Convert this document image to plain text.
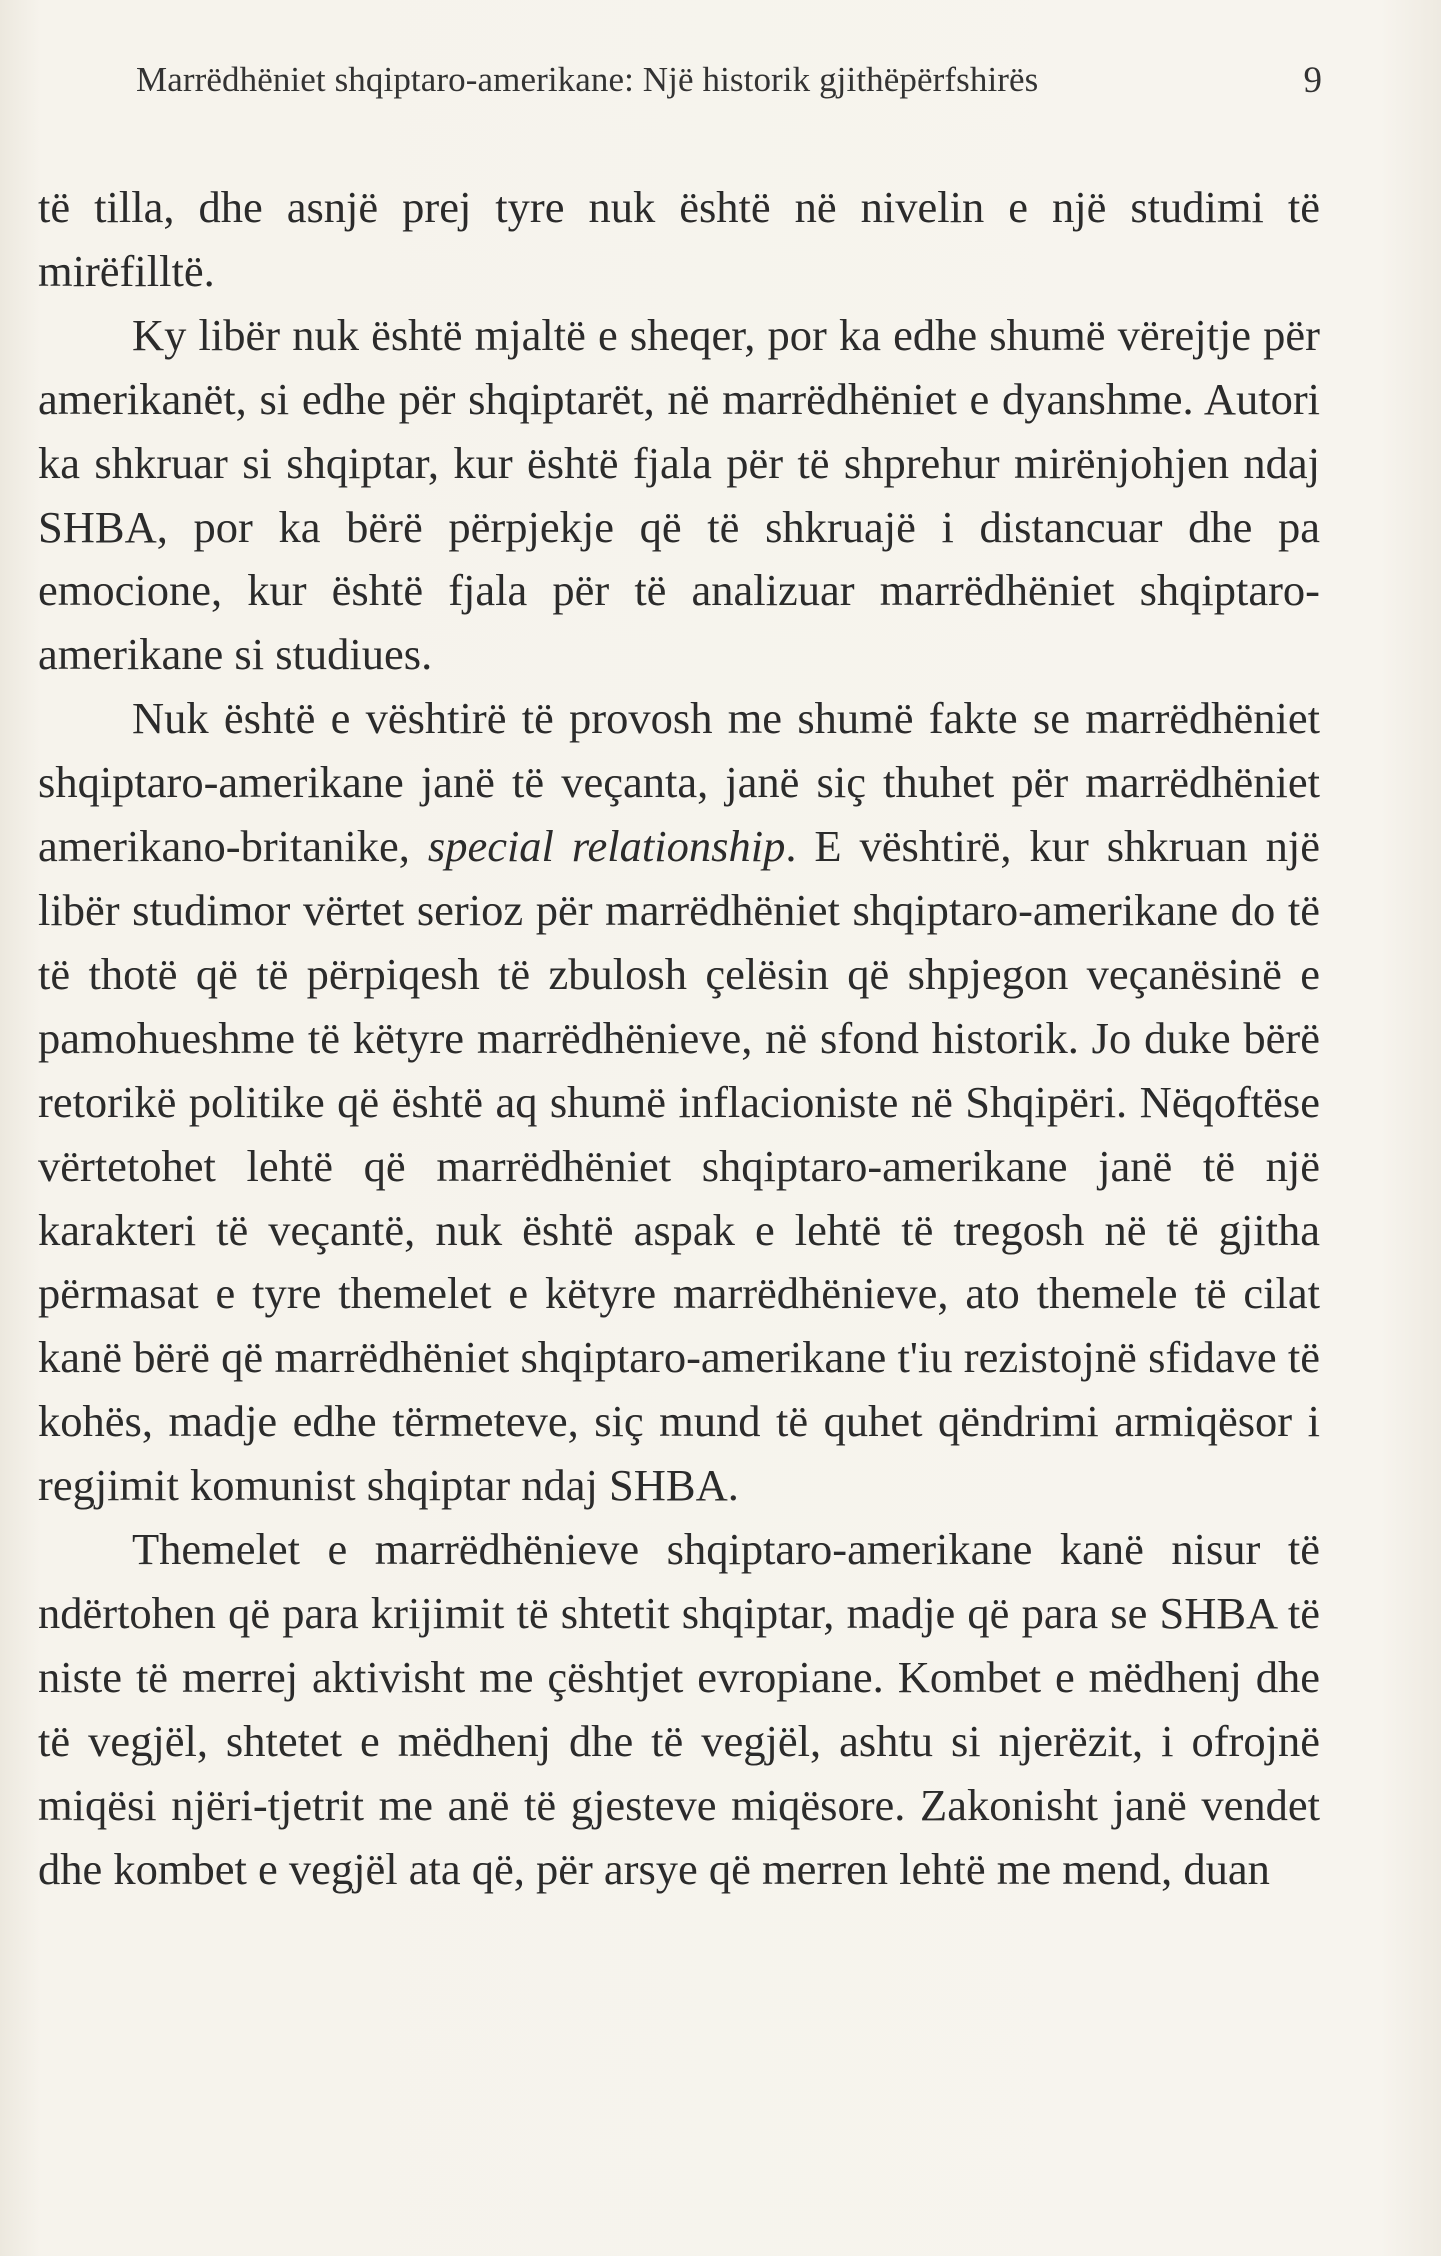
Marrëdhëniet shqiptaro-amerikane: Një historik gjithëpërfshirës	9

të tilla, dhe asnjë prej tyre nuk është në nivelin e një studimi të mirëfilltë.

Ky libër nuk është mjaltë e sheqer, por ka edhe shumë vërejtje për amerikanët, si edhe për shqiptarët, në marrëdhëniet e dyanshme. Autori ka shkruar si shqiptar, kur është fjala për të shprehur mirënjohjen ndaj SHBA, por ka bërë përpjekje që të shkruajë i distancuar dhe pa emocione, kur është fjala për të analizuar marrëdhëniet shqiptaro-amerikane si studiues.

Nuk është e vështirë të provosh me shumë fakte se marrëdhëniet shqiptaro-amerikane janë të veçanta, janë siç thuhet për marrëdhëniet amerikano-britanike, special relationship. E vështirë, kur shkruan një libër studimor vërtet serioz për marrëdhëniet shqiptaro-amerikane do të të thotë që të përpiqesh të zbulosh çelësin që shpjegon veçanësinë e pamohueshme të këtyre marrëdhënieve, në sfond historik. Jo duke bërë retorikë politike që është aq shumë inflacioniste në Shqipëri. Nëqoftëse vërtetohet lehtë që marrëdhëniet shqiptaro-amerikane janë të një karakteri të veçantë, nuk është aspak e lehtë të tregosh në të gjitha përmasat e tyre themelet e këtyre marrëdhënieve, ato themele të cilat kanë bërë që marrëdhëniet shqiptaro-amerikane t'iu rezistojnë sfidave të kohës, madje edhe tërmeteve, siç mund të quhet qëndrimi armiqësor i regjimit komunist shqiptar ndaj SHBA.

Themelet e marrëdhënieve shqiptaro-amerikane kanë nisur të ndërtohen që para krijimit të shtetit shqiptar, madje që para se SHBA të niste të merrej aktivisht me çështjet evropiane. Kombet e mëdhenj dhe të vegjël, shtetet e mëdhenj dhe të vegjël, ashtu si njerëzit, i ofrojnë miqësi njëri-tjetrit me anë të gjesteve miqësore. Zakonisht janë vendet dhe kombet e vegjël ata që, për arsye që merren lehtë me mend, duan
